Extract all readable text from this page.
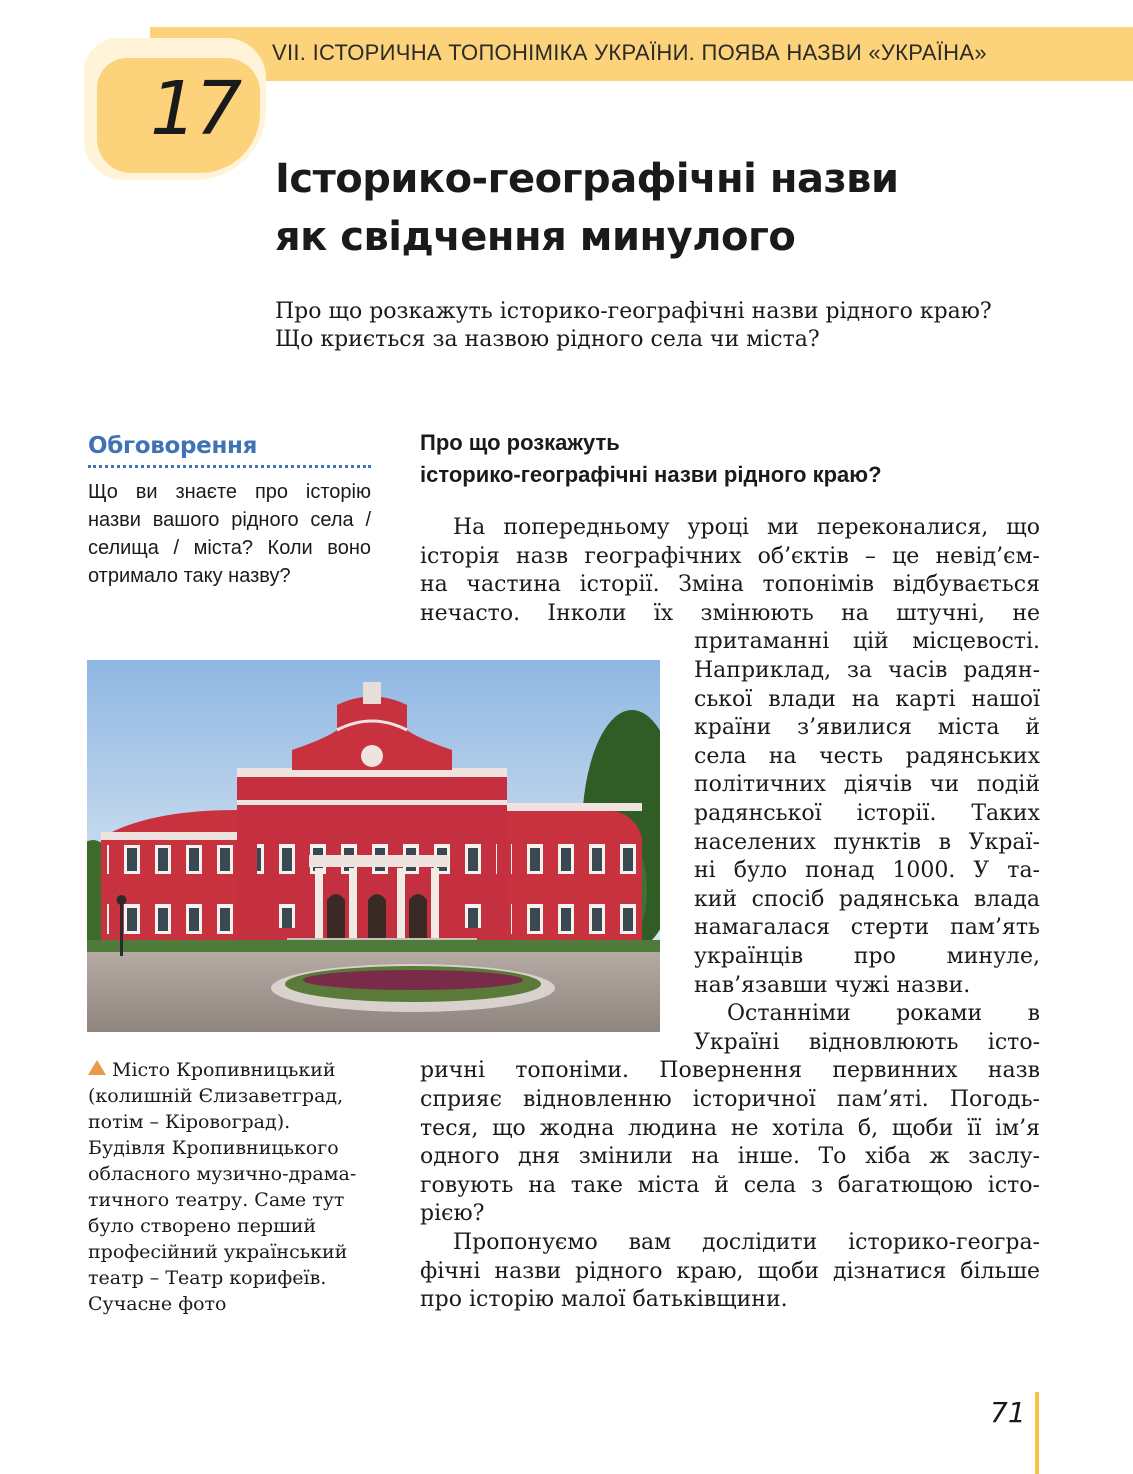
VII. ІСТОРИЧНА ТОПОНІМІКА УКРАЇНИ. ПОЯВА НАЗВИ «УКРАЇНА»
17
Історико-географічні назви
як свідчення минулого
Про що розкажуть історико-географічні назви рідного краю?
Що криється за назвою рідного села чи міста?
Обговорення
Що ви знаєте про історію назви вашого рідного села / селища / міста? Коли воно отримало таку назву?
Про що розкажуть
історико-географічні назви рідного краю?
На попередньому уроці ми переконалися, що
історія назв географічних об’єктів – це невід’єм-
на частина історії. Зміна топонімів відбувається
нечасто. Інколи їх змінюють на штучні, не
притаманні цій місцевості.
Наприклад, за часів радян-
ської влади на карті нашої
країни з’явилися міста й
села на честь радянських
політичних діячів чи подій
радянської історії. Таких
населених пунктів в Украї-
ні було понад 1000. У та-
кий спосіб радянська влада
намагалася стерти пам’ять
українців про минуле,
нав’язавши чужі назви.
Останніми роками в
Україні відновлюють істо-
ричні топоніми. Повернення первинних назв
сприяє відновленню історичної пам’яті. Погодь-
теся, що жодна людина не хотіла б, щоби її ім’я
одного дня змінили на інше. То хіба ж заслу-
говують на таке міста й села з багатющою істо-
рією?
Пропонуємо вам дослідити історико-геогра-
фічні назви рідного краю, щоби дізнатися більше
про історію малої батьківщини.
Місто Кропивницький
(колишній Єлизаветград,
потім – Кіровоград).
Будівля Кропивницького
обласного музично-драма-
тичного театру. Саме тут
було створено перший
професійний український
театр – Театр корифеїв.
Сучасне фото
71
